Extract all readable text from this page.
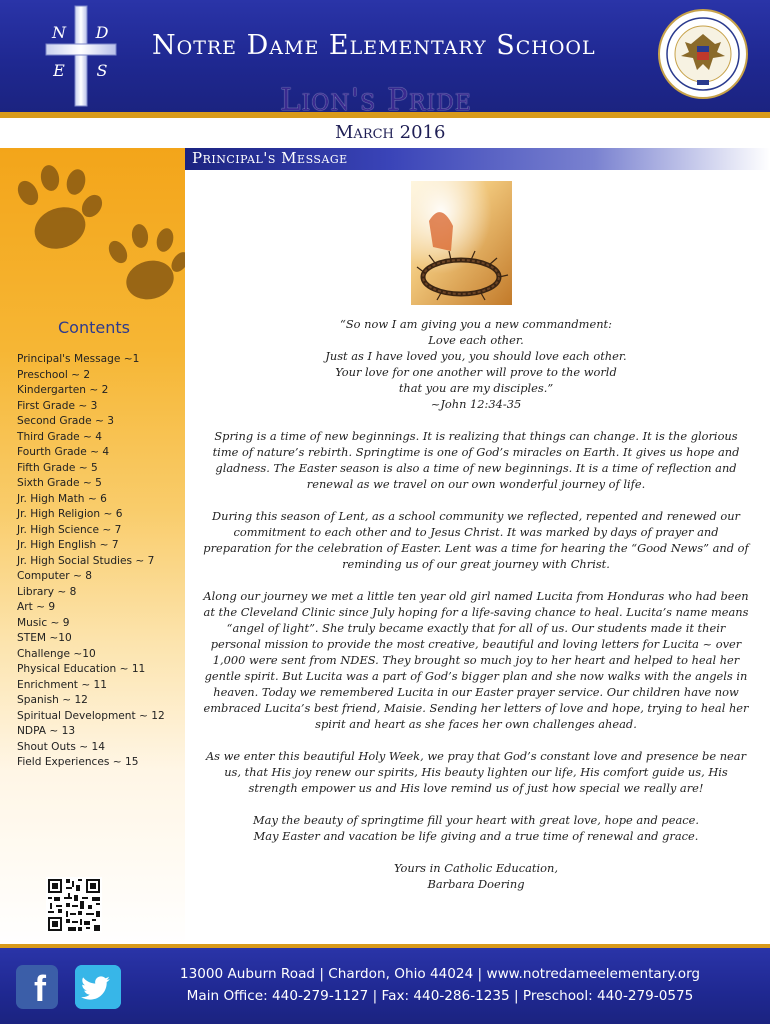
N D
E S
Notre Dame Elementary School
Lion's Pride
March 2016
Contents
Principal's Message ~1
Preschool ~ 2
Kindergarten ~ 2
First Grade ~ 3
Second Grade ~ 3
Third Grade ~ 4
Fourth Grade ~ 4
Fifth Grade ~ 5
Sixth Grade ~ 5
Jr. High Math ~ 6
Jr. High Religion ~ 6
Jr. High Science ~ 7
Jr. High English ~ 7
Jr. High Social Studies ~ 7
Computer ~ 8
Library ~ 8
Art ~ 9
Music ~ 9
STEM ~10
Challenge ~10
Physical Education ~ 11
Enrichment ~ 11
Spanish ~ 12
Spiritual Development ~ 12
NDPA ~ 13
Shout Outs ~ 14
Field Experiences ~ 15
Principal's Message

“So now I am giving you a new commandment:

Love each other.

Just as I have loved you, you should love each other.

Your love for one another will prove to the world

that you are my disciples.”

~John 12:34-35

Spring is a time of new beginnings. It is realizing that things can change. It is the glorious time of nature’s rebirth. Springtime is one of God’s miracles on Earth. It gives us hope and gladness. The Easter season is also a time of new beginnings. It is a time of reflection and renewal as we travel on our own wonderful journey of life.

During this season of Lent, as a school community we reflected, repented and renewed our commitment to each other and to Jesus Christ. It was marked by days of prayer and preparation for the celebration of Easter. Lent was a time for hearing the “Good News” and of reminding us of our great journey with Christ.

Along our journey we met a little ten year old girl named Lucita from Honduras who had been at the Cleveland Clinic since July hoping for a life-saving chance to heal. Lucita’s name means “angel of light”. She truly became exactly that for all of us. Our students made it their personal mission to provide the most creative, beautiful and loving letters for Lucita ~ over 1,000 were sent from NDES. They brought so much joy to her heart and helped to heal her gentle spirit. But Lucita was a part of God’s bigger plan and she now walks with the angels in heaven. Today we remembered Lucita in our Easter prayer service. Our children have now embraced Lucita’s best friend, Maisie. Sending her letters of love and hope, trying to heal her spirit and heart as she faces her own challenges ahead.

As we enter this beautiful Holy Week, we pray that God’s constant love and presence be near us, that His joy renew our spirits, His beauty lighten our life, His comfort guide us, His strength empower us and His love remind us of just how special we really are!

May the beauty of springtime fill your heart with great love, hope and peace.

May Easter and vacation be life giving and a true time of renewal and grace.

Yours in Catholic Education,

Barbara Doering

f	13000 Auburn Road | Chardon, Ohio 44024 | www.notredameelementary.org
Main Office: 440-279-1127 | Fax: 440-286-1235 | Preschool: 440-279-0575
